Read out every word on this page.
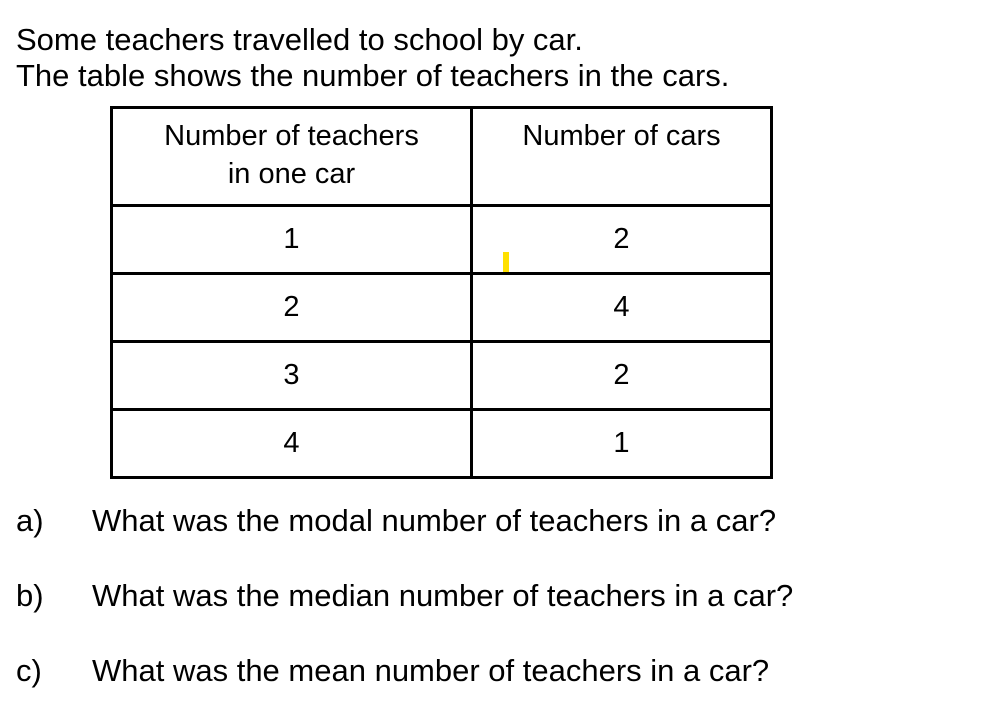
Some teachers travelled to school by car.
The table shows the number of teachers in the cars.
Number of teachers
in one car	Number of cars
1	2
2	4
3	2
4	1
a) What was the modal number of teachers in a car?
b) What was the median number of teachers in a car?
c) What was the mean number of teachers in a car?
